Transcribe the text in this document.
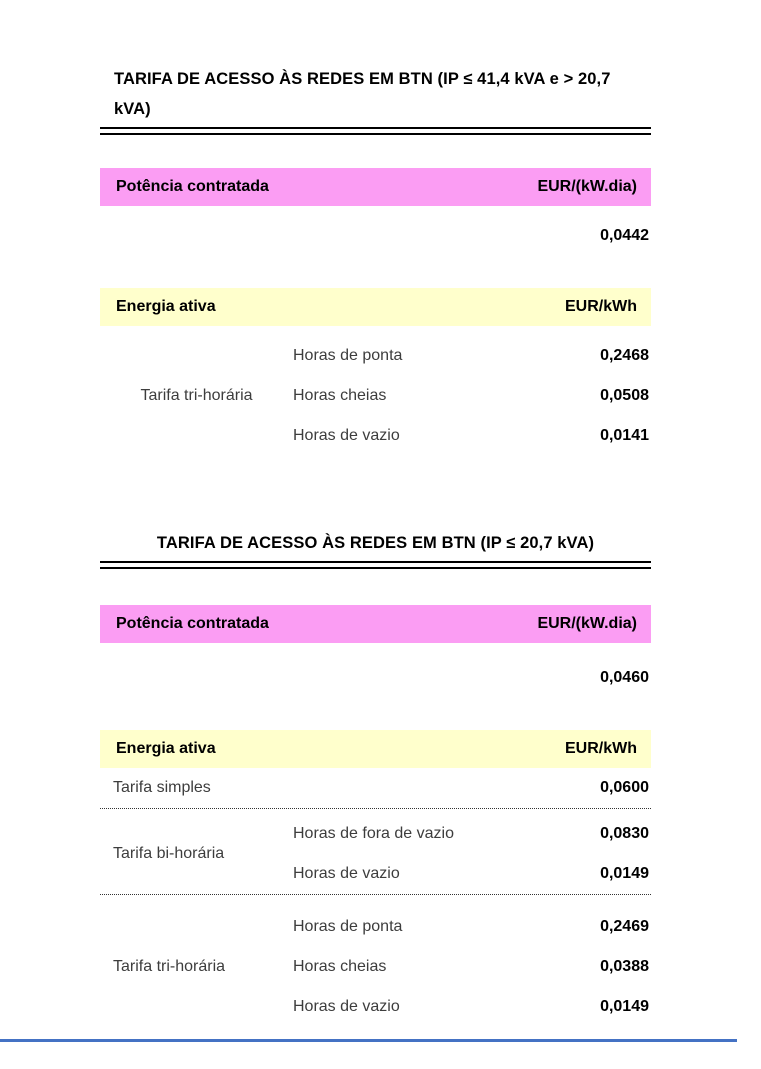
TARIFA DE ACESSO ÀS REDES EM BTN (IP ≤ 41,4 kVA e > 20,7 kVA)
Potência contratada	EUR/(kW.dia)
0,0442
Energia ativa	EUR/kWh
Tarifa tri-horária
Horas de ponta	0,2468
Horas cheias	0,0508
Horas de vazio	0,0141
TARIFA DE ACESSO ÀS REDES EM BTN (IP ≤ 20,7 kVA)
Potência contratada	EUR/(kW.dia)
0,0460
Energia ativa	EUR/kWh
Tarifa simples	0,0600
Tarifa bi-horária
Horas de fora de vazio	0,0830
Horas de vazio	0,0149
Tarifa tri-horária
Horas de ponta	0,2469
Horas cheias	0,0388
Horas de vazio	0,0149
